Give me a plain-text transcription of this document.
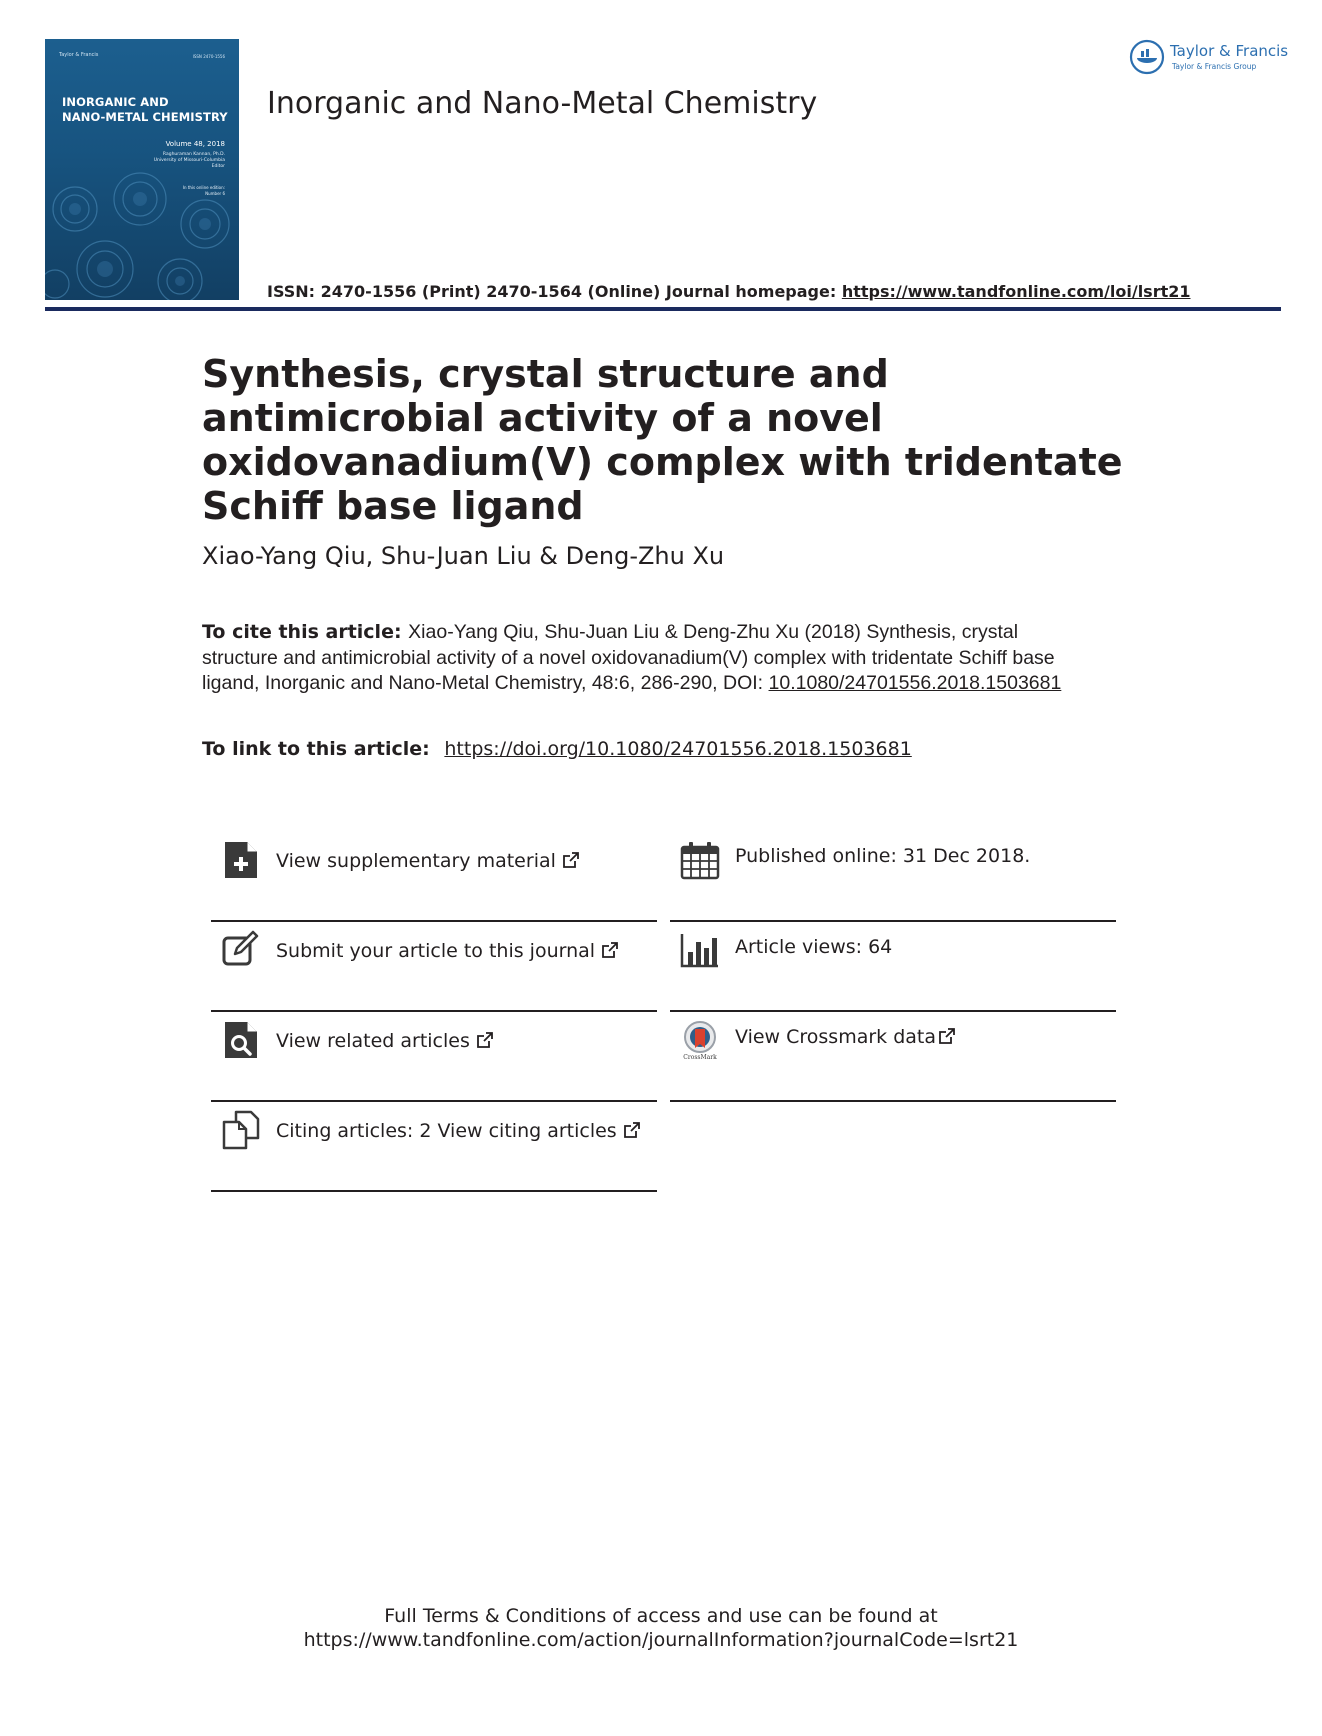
Taylor & Francis	ISSN 2470-1556
INORGANIC AND
NANO-METAL CHEMISTRY
Volume 48, 2018
Raghuraman Kannan, Ph.D.
University of Missouri-Columbia
Editor
In this online edition:
Number 6
Inorganic and Nano-Metal Chemistry
Taylor & Francis
Taylor & Francis Group
ISSN: 2470-1556 (Print) 2470-1564 (Online) Journal homepage: https://www.tandfonline.com/loi/lsrt21
Synthesis, crystal structure and antimicrobial activity of a novel oxidovanadium(V) complex with tridentate Schiff base ligand
Xiao-Yang Qiu, Shu-Juan Liu & Deng-Zhu Xu
To cite this article: Xiao-Yang Qiu, Shu-Juan Liu & Deng-Zhu Xu (2018) Synthesis, crystal structure and antimicrobial activity of a novel oxidovanadium(V) complex with tridentate Schiff base ligand, Inorganic and Nano-Metal Chemistry, 48:6, 286-290, DOI: 10.1080/24701556.2018.1503681
To link to this article: https://doi.org/10.1080/24701556.2018.1503681
View supplementary material
Submit your article to this journal
View related articles
Citing articles: 2 View citing articles
Published online: 31 Dec 2018.
Article views: 64
CrossMark
View Crossmark data
Full Terms & Conditions of access and use can be found at
https://www.tandfonline.com/action/journalInformation?journalCode=lsrt21
